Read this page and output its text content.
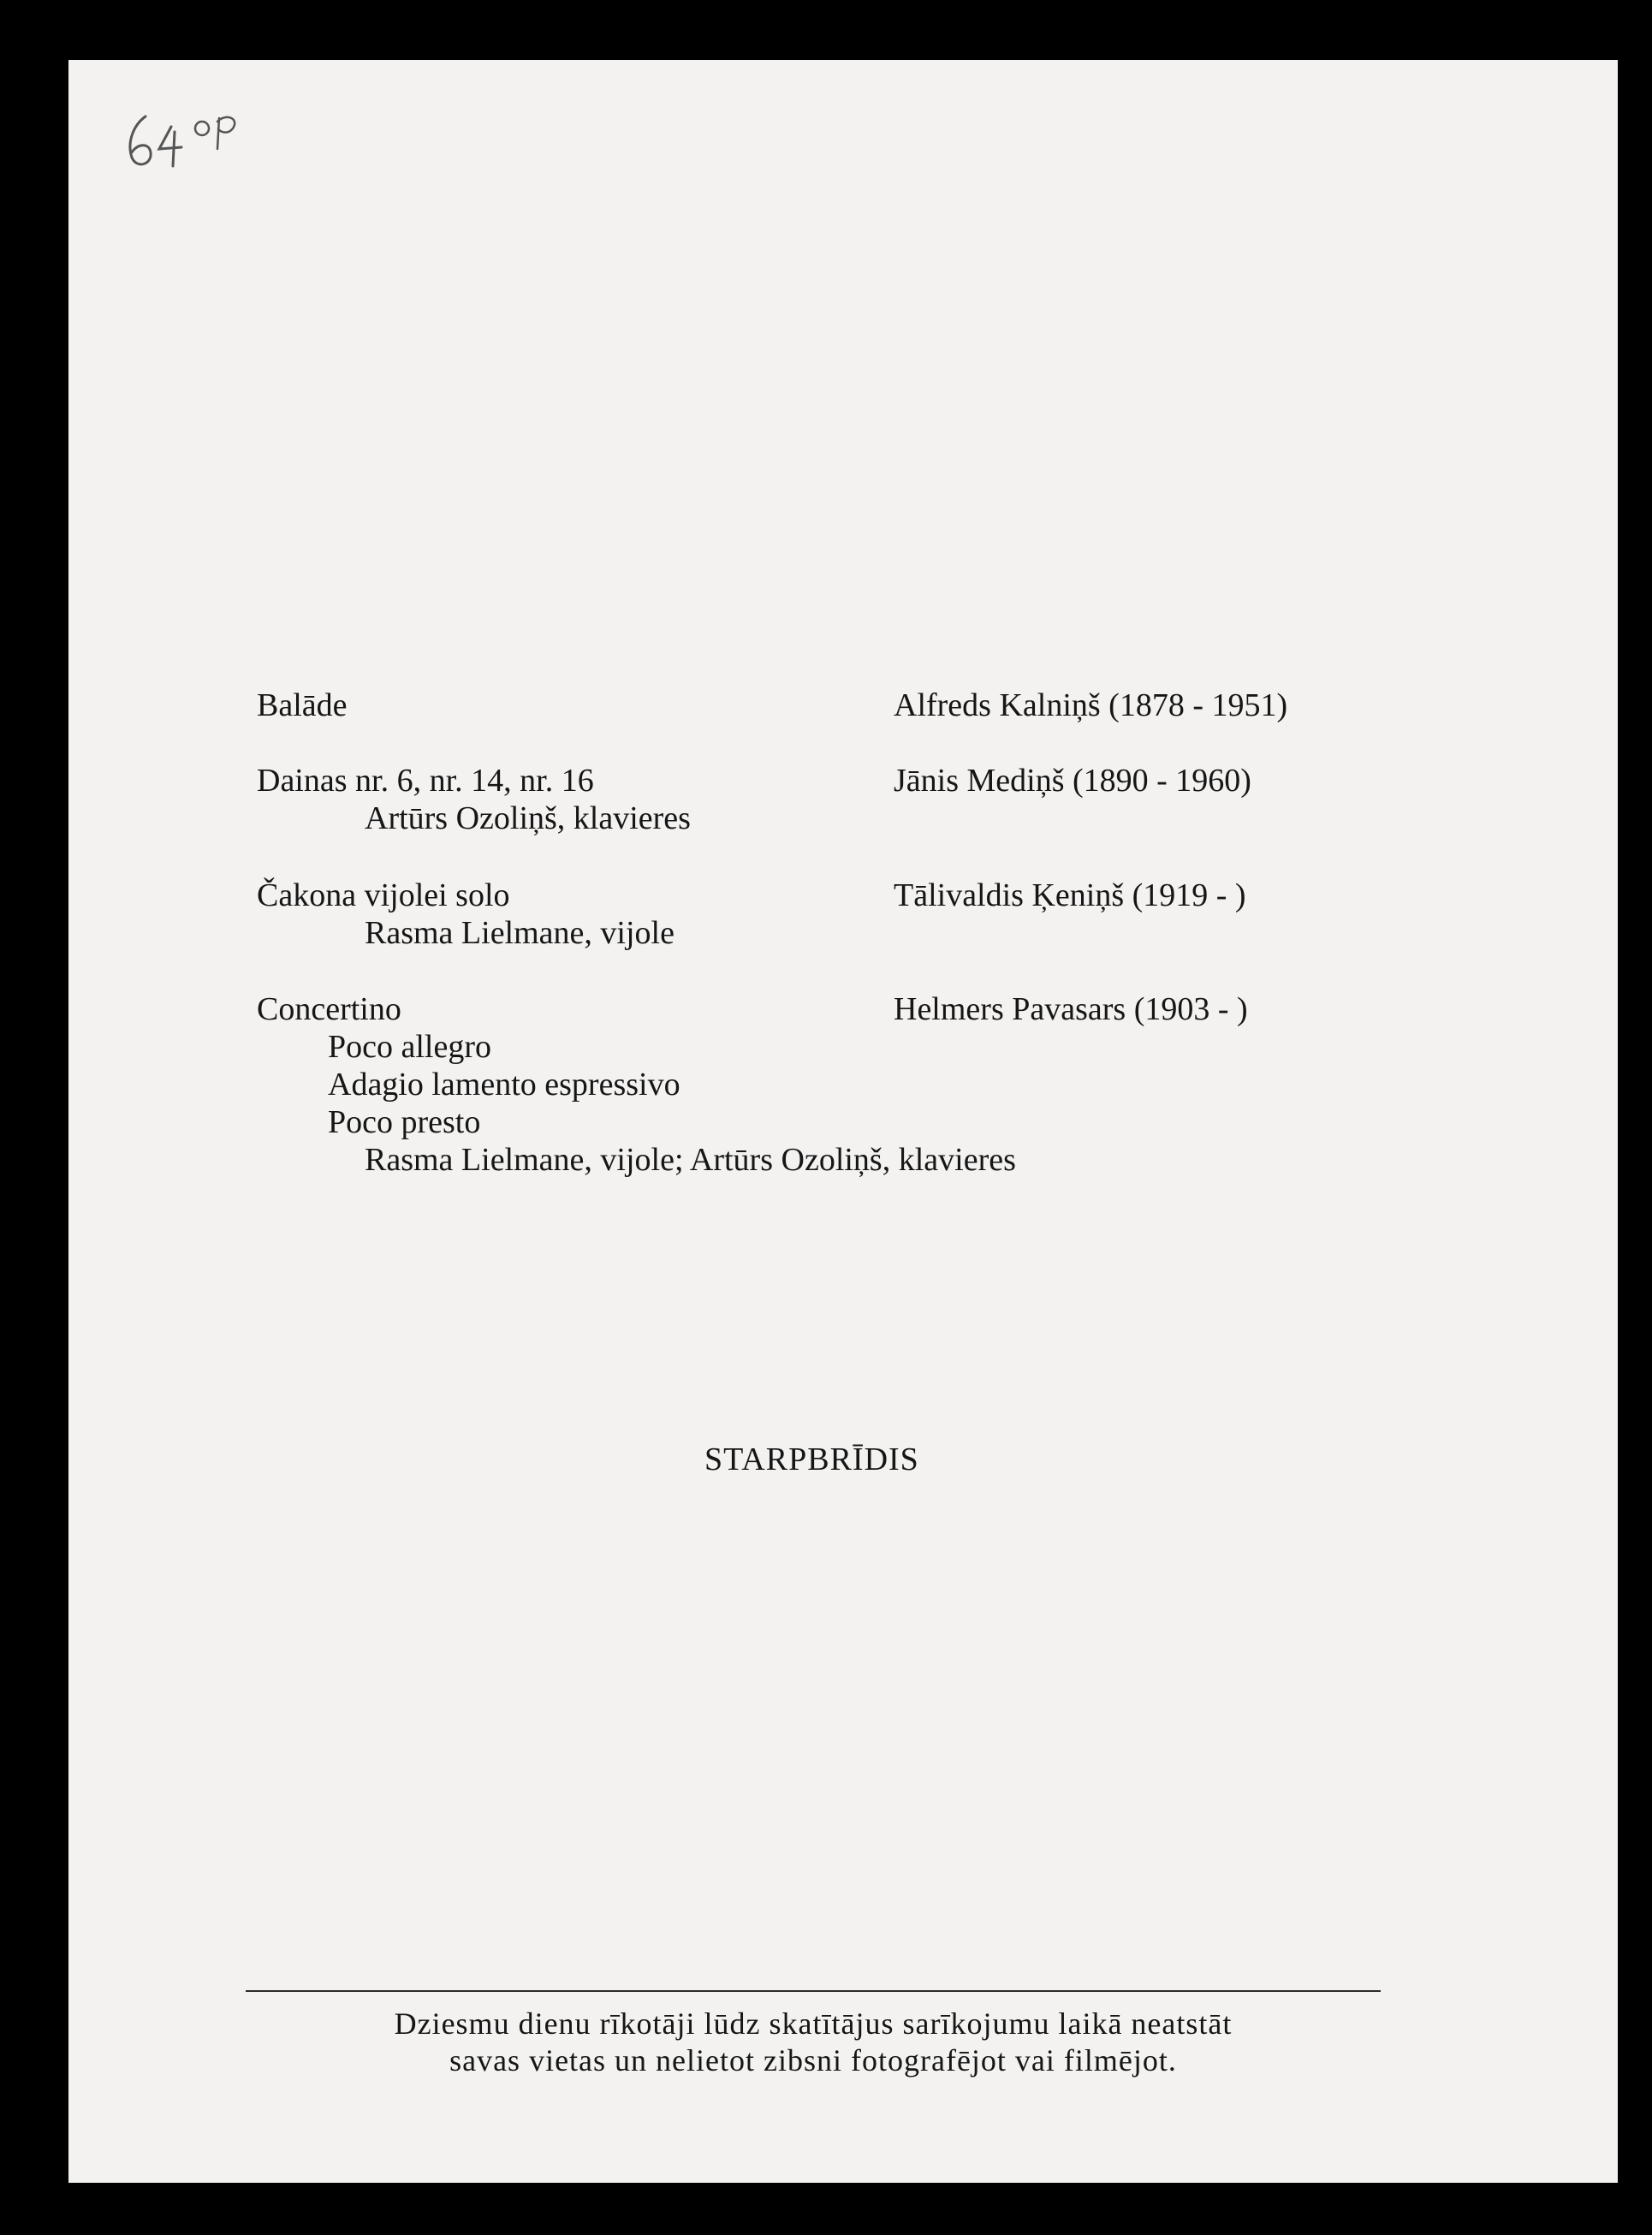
Balāde	Alfreds Kalniņš (1878 - 1951)
Dainas nr. 6, nr. 14, nr. 16	Jānis Mediņš (1890 - 1960)
Artūrs Ozoliņš, klavieres
Čakona vijolei solo	Tālivaldis Ķeniņš (1919 - )
Rasma Lielmane, vijole
Concertino	Helmers Pavasars (1903 - )
Poco allegro
Adagio lamento espressivo
Poco presto
Rasma Lielmane, vijole; Artūrs Ozoliņš, klavieres
STARPBRĪDIS
Dziesmu dienu rīkotāji lūdz skatītājus sarīkojumu laikā neatstāt
savas vietas un nelietot zibsni fotografējot vai filmējot.
